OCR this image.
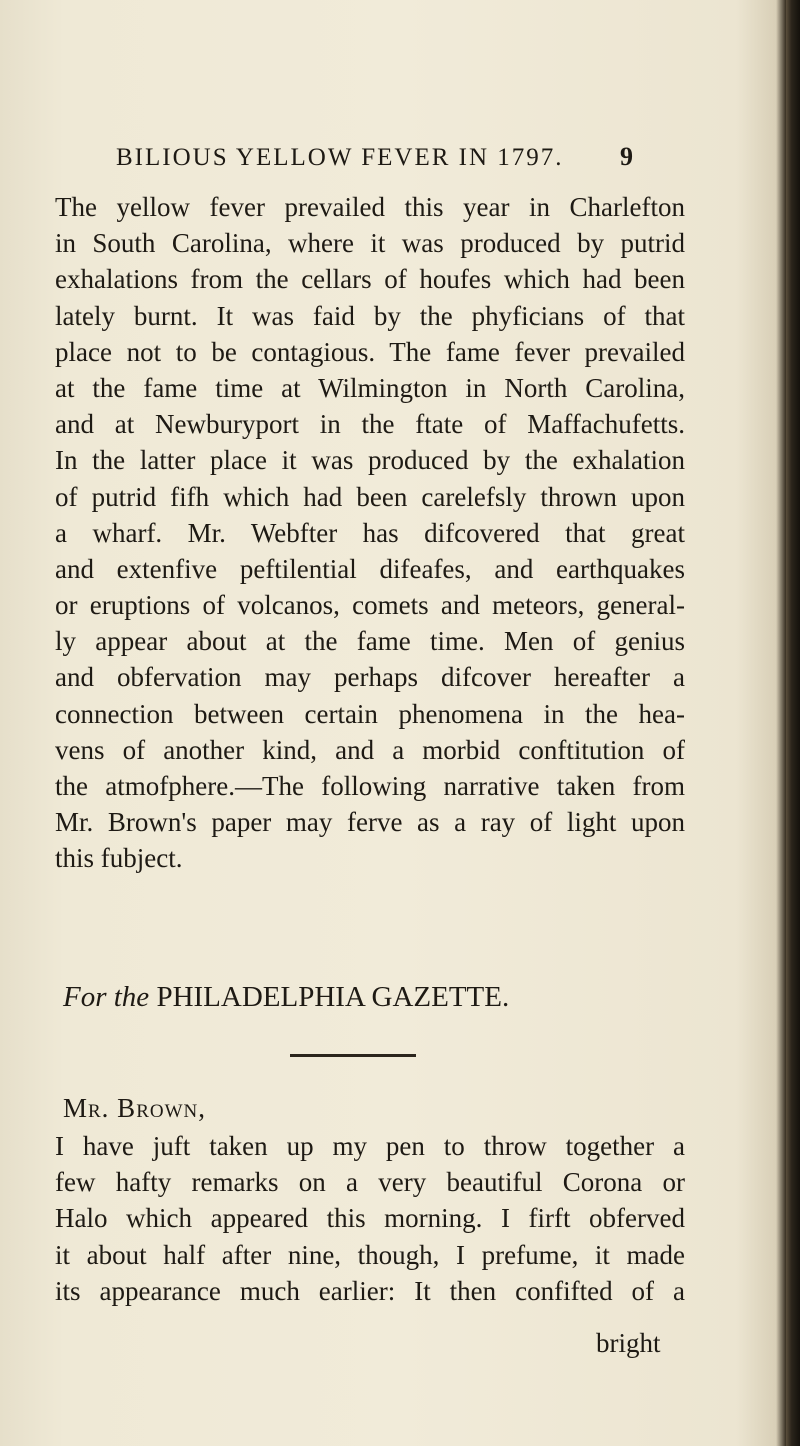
BILIOUS YELLOW FEVER IN 1797. 9
The yellow fever prevailed this year in Charlefton
in South Carolina, where it was produced by putrid
exhalations from the cellars of houfes which had been
lately burnt. It was faid by the phyficians of that
place not to be contagious. The fame fever prevailed
at the fame time at Wilmington in North Carolina,
and at Newburyport in the ftate of Maffachufetts.
In the latter place it was produced by the exhalation
of putrid fifh which had been carelefsly thrown upon
a wharf. Mr. Webfter has difcovered that great
and extenfive peftilential difeafes, and earthquakes
or eruptions of volcanos, comets and meteors, general-
ly appear about at the fame time. Men of genius
and obfervation may perhaps difcover hereafter a
connection between certain phenomena in the hea-
vens of another kind, and a morbid conftitution of
the atmofphere.—The following narrative taken from
Mr. Brown's paper may ferve as a ray of light upon
this fubject.
For the PHILADELPHIA GAZETTE.
Mr. Brown,
I have juft taken up my pen to throw together a
few hafty remarks on a very beautiful Corona or
Halo which appeared this morning. I firft obferved
it about half after nine, though, I prefume, it made
its appearance much earlier: It then confifted of a
bright
